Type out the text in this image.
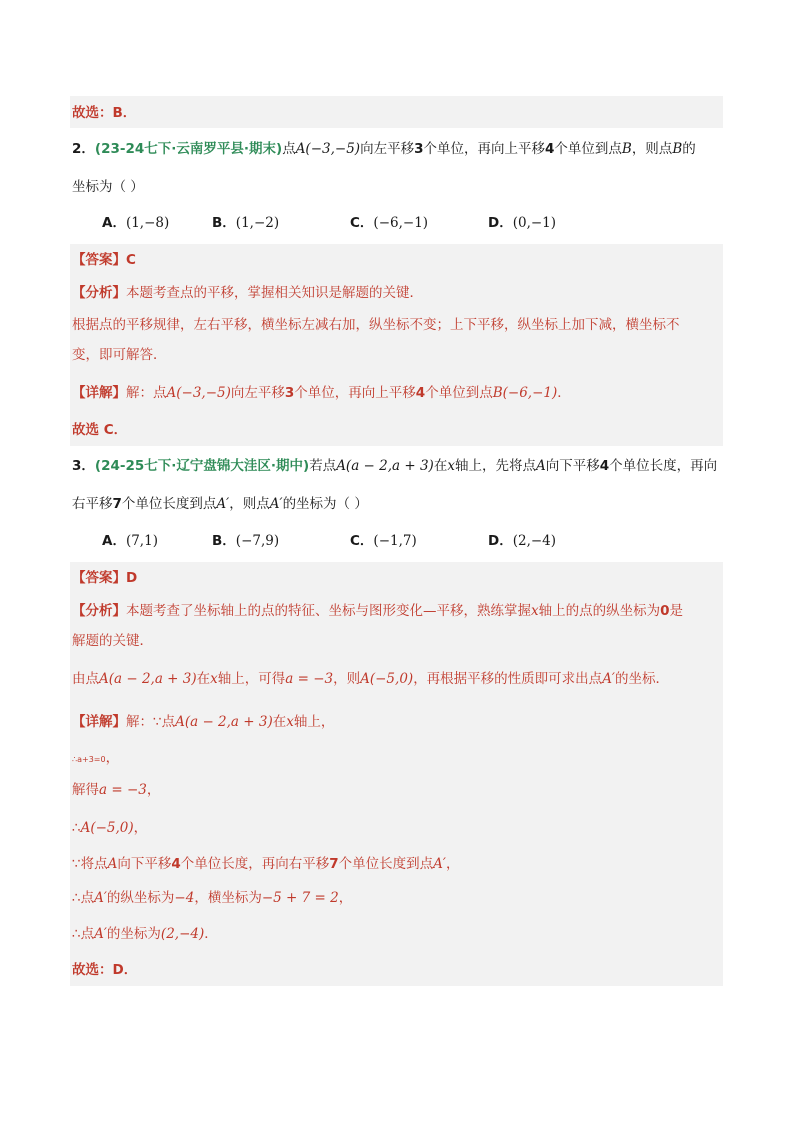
故选：B．
2．(23-24七下·云南罗平县·期末)点A(−3,−5)向左平移3个单位，再向上平移4个单位到点B，则点B的
坐标为（ ）
A．(1,−8)	B．(1,−2)	C．(−6,−1)	D．(0,−1)
【答案】C
【分析】本题考查点的平移，掌握相关知识是解题的关键．
根据点的平移规律，左右平移，横坐标左减右加，纵坐标不变；上下平移，纵坐标上加下减，横坐标不
变，即可解答．
【详解】解：点A(−3,−5)向左平移3个单位，再向上平移4个单位到点B(−6,−1)．
故选 C．
3．(24-25七下·辽宁盘锦大洼区·期中)若点A(a − 2,a + 3)在x轴上，先将点A向下平移4个单位长度，再向
右平移7个单位长度到点A′，则点A′的坐标为（ ）
A．(7,1)	B．(−7,9)	C．(−1,7)	D．(2,−4)
【答案】D
【分析】本题考查了坐标轴上的点的特征、坐标与图形变化—平移，熟练掌握x轴上的点的纵坐标为0是
解题的关键．
由点A(a − 2,a + 3)在x轴上，可得a = −3，则A(−5,0)，再根据平移的性质即可求出点A′的坐标．
【详解】解：∵点A(a − 2,a + 3)在x轴上，
∴a+3=0，
解得a = −3，
∴A(−5,0)，
∵将点A向下平移4个单位长度，再向右平移7个单位长度到点A′，
∴点A′的纵坐标为−4，横坐标为−5 + 7 = 2，
∴点A′的坐标为(2,−4)．
故选：D．
